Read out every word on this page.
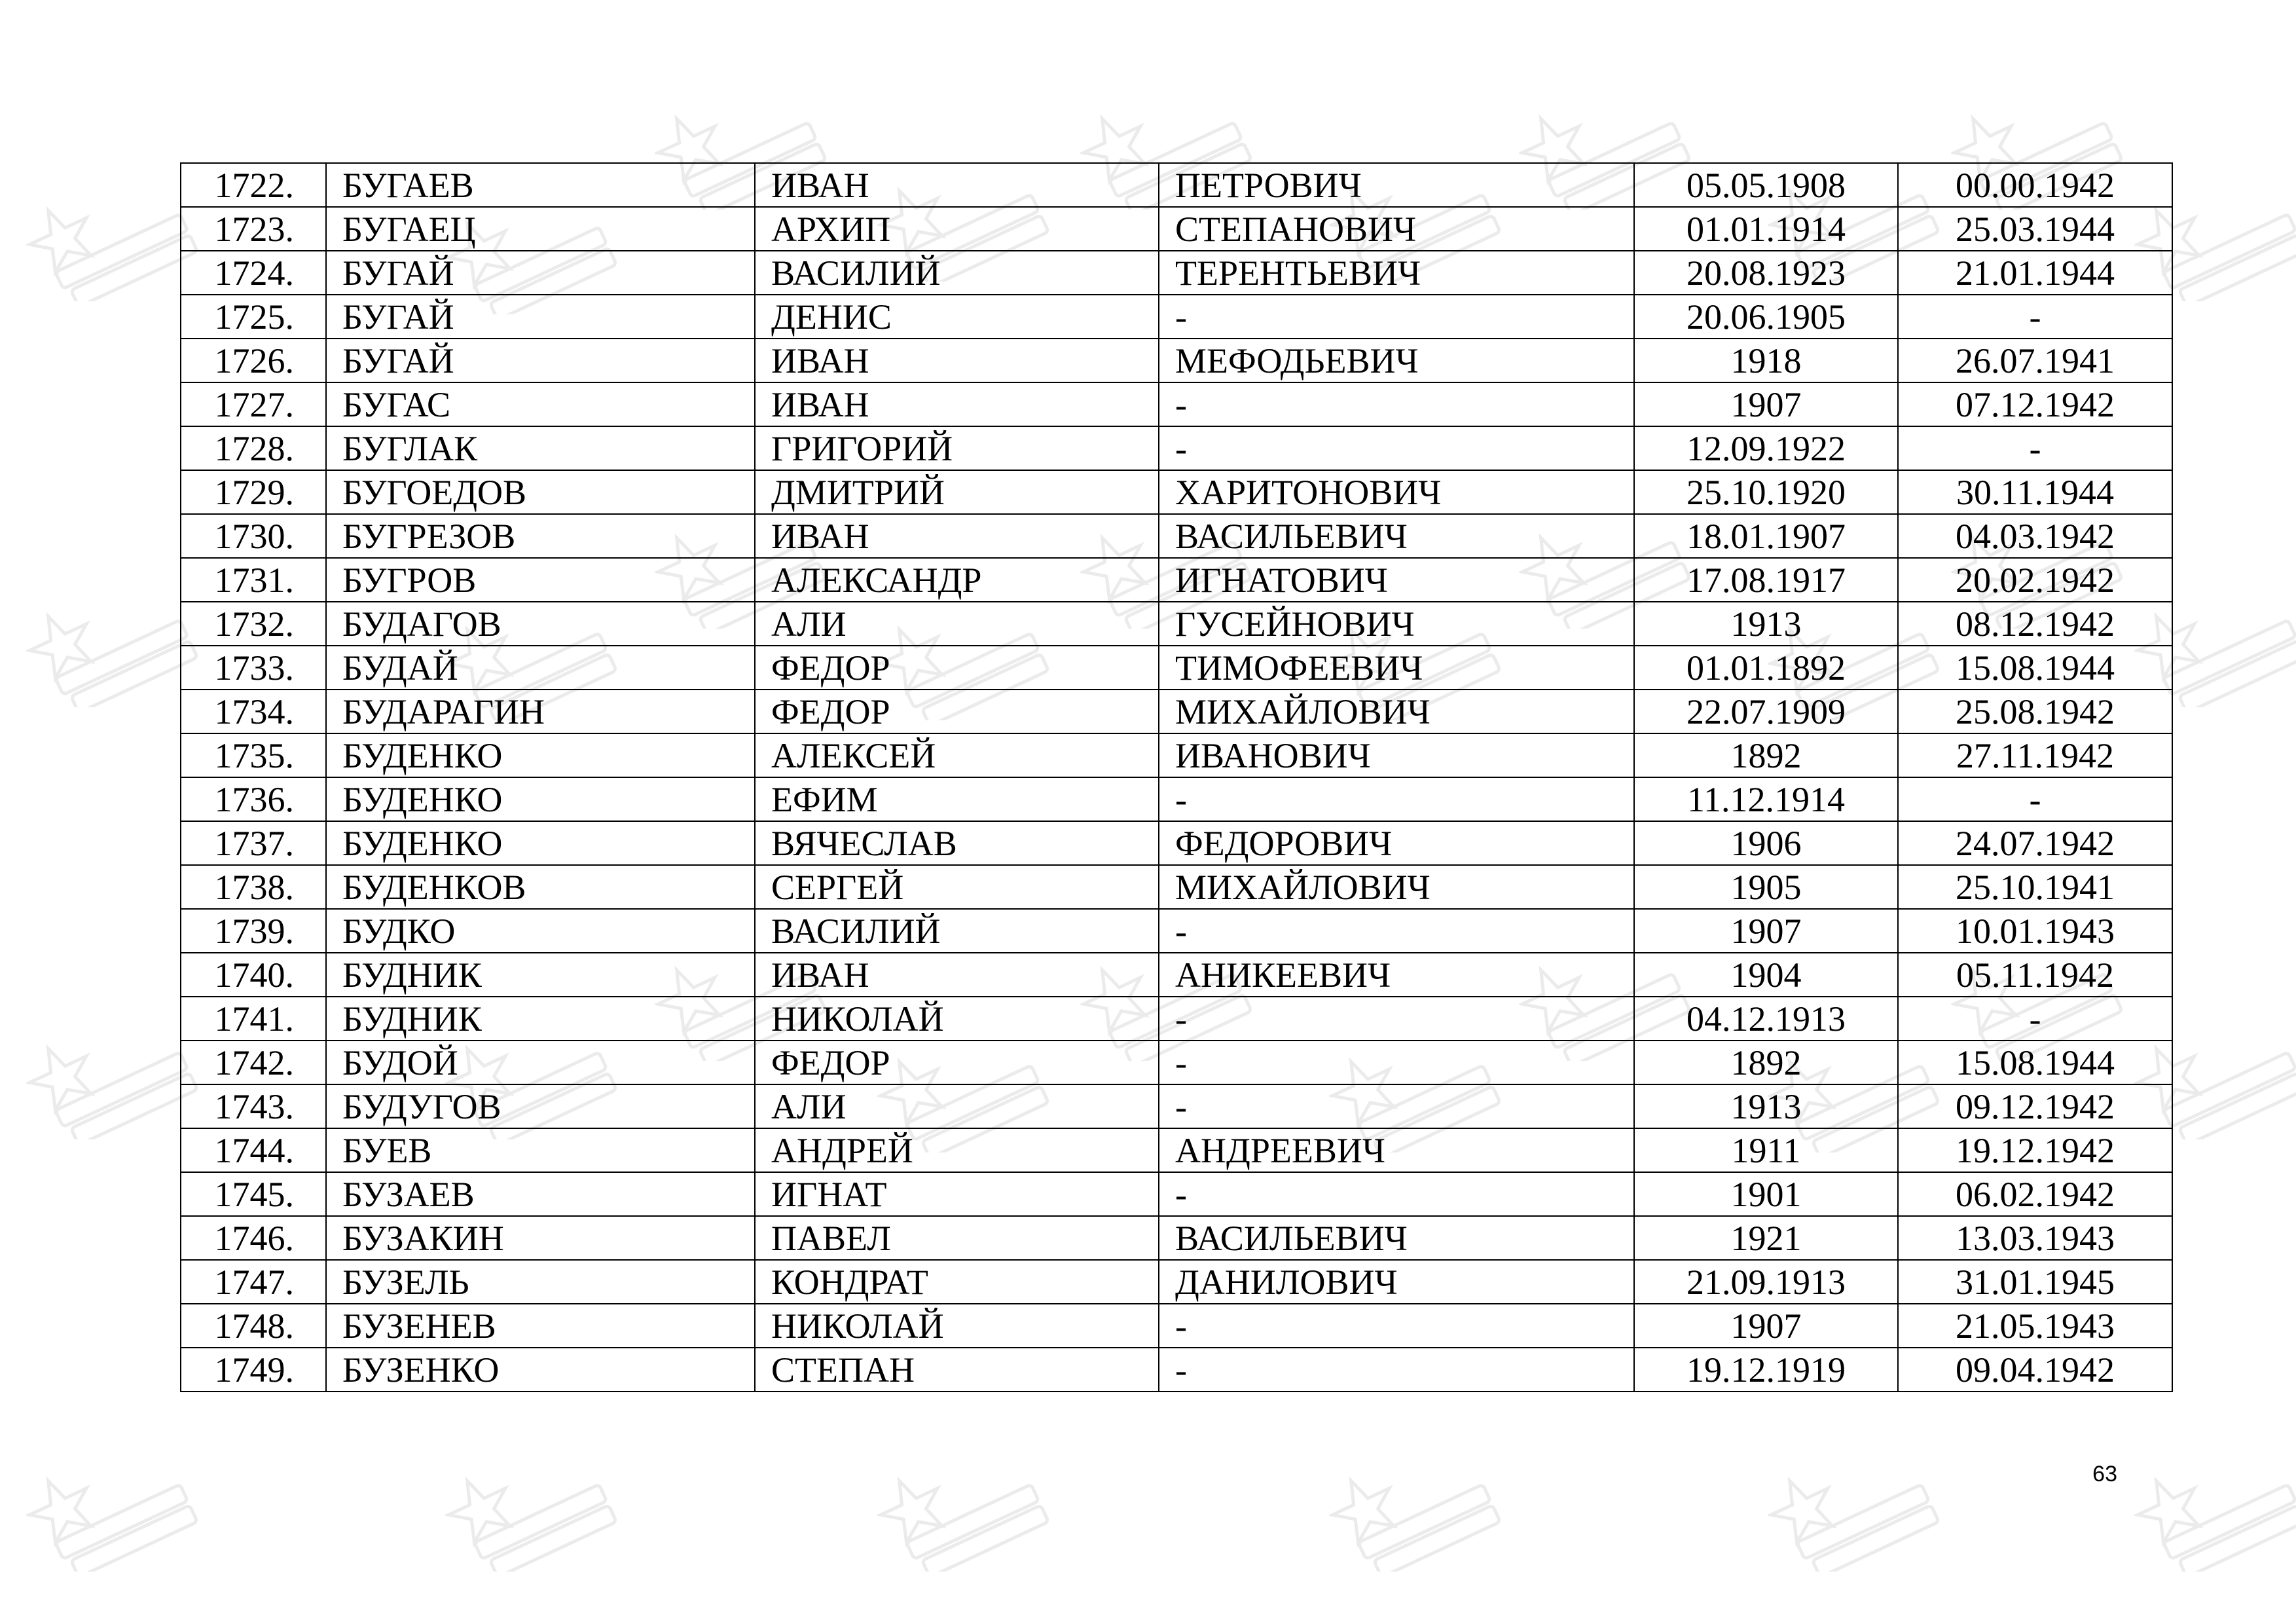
1722.	БУГАЕВ	ИВАН	ПЕТРОВИЧ	05.05.1908	00.00.1942
1723.	БУГАЕЦ	АРХИП	СТЕПАНОВИЧ	01.01.1914	25.03.1944
1724.	БУГАЙ	ВАСИЛИЙ	ТЕРЕНТЬЕВИЧ	20.08.1923	21.01.1944
1725.	БУГАЙ	ДЕНИС	-	20.06.1905	-
1726.	БУГАЙ	ИВАН	МЕФОДЬЕВИЧ	1918	26.07.1941
1727.	БУГАС	ИВАН	-	1907	07.12.1942
1728.	БУГЛАК	ГРИГОРИЙ	-	12.09.1922	-
1729.	БУГОЕДОВ	ДМИТРИЙ	ХАРИТОНОВИЧ	25.10.1920	30.11.1944
1730.	БУГРЕЗОВ	ИВАН	ВАСИЛЬЕВИЧ	18.01.1907	04.03.1942
1731.	БУГРОВ	АЛЕКСАНДР	ИГНАТОВИЧ	17.08.1917	20.02.1942
1732.	БУДАГОВ	АЛИ	ГУСЕЙНОВИЧ	1913	08.12.1942
1733.	БУДАЙ	ФЕДОР	ТИМОФЕЕВИЧ	01.01.1892	15.08.1944
1734.	БУДАРАГИН	ФЕДОР	МИХАЙЛОВИЧ	22.07.1909	25.08.1942
1735.	БУДЕНКО	АЛЕКСЕЙ	ИВАНОВИЧ	1892	27.11.1942
1736.	БУДЕНКО	ЕФИМ	-	11.12.1914	-
1737.	БУДЕНКО	ВЯЧЕСЛАВ	ФЕДОРОВИЧ	1906	24.07.1942
1738.	БУДЕНКОВ	СЕРГЕЙ	МИХАЙЛОВИЧ	1905	25.10.1941
1739.	БУДКО	ВАСИЛИЙ	-	1907	10.01.1943
1740.	БУДНИК	ИВАН	АНИКЕЕВИЧ	1904	05.11.1942
1741.	БУДНИК	НИКОЛАЙ	-	04.12.1913	-
1742.	БУДОЙ	ФЕДОР	-	1892	15.08.1944
1743.	БУДУГОВ	АЛИ	-	1913	09.12.1942
1744.	БУЕВ	АНДРЕЙ	АНДРЕЕВИЧ	1911	19.12.1942
1745.	БУЗАЕВ	ИГНАТ	-	1901	06.02.1942
1746.	БУЗАКИН	ПАВЕЛ	ВАСИЛЬЕВИЧ	1921	13.03.1943
1747.	БУЗЕЛЬ	КОНДРАТ	ДАНИЛОВИЧ	21.09.1913	31.01.1945
1748.	БУЗЕНЕВ	НИКОЛАЙ	-	1907	21.05.1943
1749.	БУЗЕНКО	СТЕПАН	-	19.12.1919	09.04.1942
63
